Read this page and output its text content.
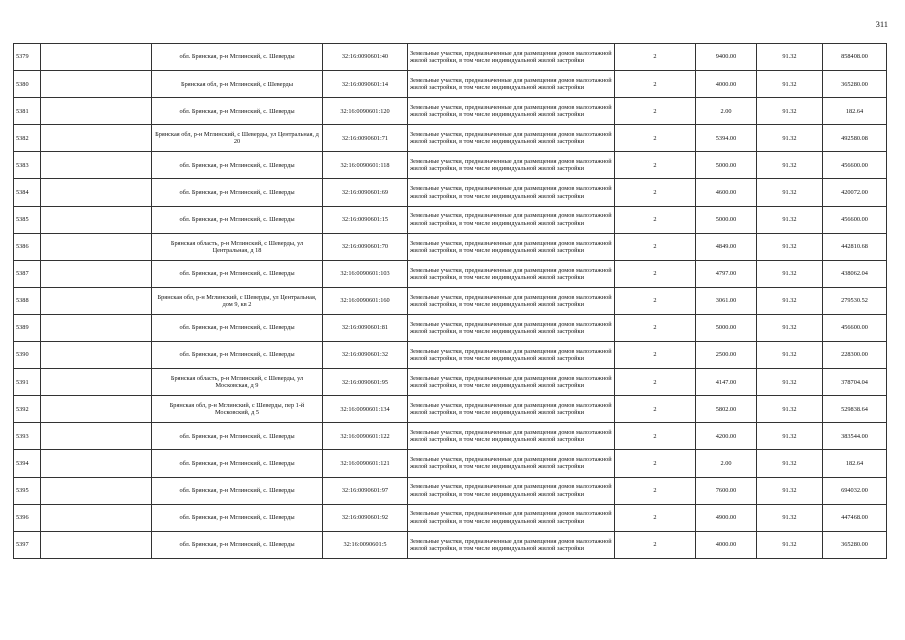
311
5379		обл. Брянская, р-н Мглинский, с. Шеверды	32:16:0090601:40	Земельные участки, предназначенные для размещения домов малоэтажной жилой застройки, в том числе индивидуальной жилой застройки	2	9400.00	91.32	858408.00
5380		Брянская обл, р-н Мглинский, с Шеверды	32:16:0090601:14	Земельные участки, предназначенные для размещения домов малоэтажной жилой застройки, в том числе индивидуальной жилой застройки	2	4000.00	91.32	365280.00
5381		обл. Брянская, р-н Мглинский, с. Шеверды	32:16:0090601:120	Земельные участки, предназначенные для размещения домов малоэтажной жилой застройки, в том числе индивидуальной жилой застройки	2	2.00	91.32	182.64
5382		Брянская обл, р-н Мглинский, с Шеверды, ул Центральная, д 20	32:16:0090601:71	Земельные участки, предназначенные для размещения домов малоэтажной жилой застройки, в том числе индивидуальной жилой застройки	2	5394.00	91.32	492580.08
5383		обл. Брянская, р-н Мглинский, с. Шеверды	32:16:0090601:118	Земельные участки, предназначенные для размещения домов малоэтажной жилой застройки, в том числе индивидуальной жилой застройки	2	5000.00	91.32	456600.00
5384		обл. Брянская, р-н Мглинский, с. Шеверды	32:16:0090601:69	Земельные участки, предназначенные для размещения домов малоэтажной жилой застройки, в том числе индивидуальной жилой застройки	2	4600.00	91.32	420072.00
5385		обл. Брянская, р-н Мглинский, с. Шеверды	32:16:0090601:15	Земельные участки, предназначенные для размещения домов малоэтажной жилой застройки, в том числе индивидуальной жилой застройки	2	5000.00	91.32	456600.00
5386		Брянская область, р-н Мглинский, с Шеверды, ул Центральная, д 18	32:16:0090601:70	Земельные участки, предназначенные для размещения домов малоэтажной жилой застройки, в том числе индивидуальной жилой застройки	2	4849.00	91.32	442810.68
5387		обл. Брянская, р-н Мглинский, с. Шеверды	32:16:0090601:103	Земельные участки, предназначенные для размещения домов малоэтажной жилой застройки, в том числе индивидуальной жилой застройки	2	4797.00	91.32	438062.04
5388		Брянская обл, р-н Мглинский, с Шеверды, ул Центральная, дом 9, кв 2	32:16:0090601:160	Земельные участки, предназначенные для размещения домов малоэтажной жилой застройки, в том числе индивидуальной жилой застройки	2	3061.00	91.32	279530.52
5389		обл. Брянская, р-н Мглинский, с. Шеверды	32:16:0090601:81	Земельные участки, предназначенные для размещения домов малоэтажной жилой застройки, в том числе индивидуальной жилой застройки	2	5000.00	91.32	456600.00
5390		обл. Брянская, р-н Мглинский, с. Шеверды	32:16:0090601:32	Земельные участки, предназначенные для размещения домов малоэтажной жилой застройки, в том числе индивидуальной жилой застройки	2	2500.00	91.32	228300.00
5391		Брянская область, р-н Мглинский, с Шеверды, ул Московская, д 9	32:16:0090601:95	Земельные участки, предназначенные для размещения домов малоэтажной жилой застройки, в том числе индивидуальной жилой застройки	2	4147.00	91.32	378704.04
5392		Брянская обл, р-н Мглинский, с Шеверды, пер 1-й Московский, д 5	32:16:0090601:134	Земельные участки, предназначенные для размещения домов малоэтажной жилой застройки, в том числе индивидуальной жилой застройки	2	5802.00	91.32	529838.64
5393		обл. Брянская, р-н Мглинский, с. Шеверды	32:16:0090601:122	Земельные участки, предназначенные для размещения домов малоэтажной жилой застройки, в том числе индивидуальной жилой застройки	2	4200.00	91.32	383544.00
5394		обл. Брянская, р-н Мглинский, с. Шеверды	32:16:0090601:121	Земельные участки, предназначенные для размещения домов малоэтажной жилой застройки, в том числе индивидуальной жилой застройки	2	2.00	91.32	182.64
5395		обл. Брянская, р-н Мглинский, с. Шеверды	32:16:0090601:97	Земельные участки, предназначенные для размещения домов малоэтажной жилой застройки, в том числе индивидуальной жилой застройки	2	7600.00	91.32	694032.00
5396		обл. Брянская, р-н Мглинский, с. Шеверды	32:16:0090601:92	Земельные участки, предназначенные для размещения домов малоэтажной жилой застройки, в том числе индивидуальной жилой застройки	2	4900.00	91.32	447468.00
5397		обл. Брянская, р-н Мглинский, с. Шеверды	32:16:0090601:5	Земельные участки, предназначенные для размещения домов малоэтажной жилой застройки, в том числе индивидуальной жилой застройки	2	4000.00	91.32	365280.00
